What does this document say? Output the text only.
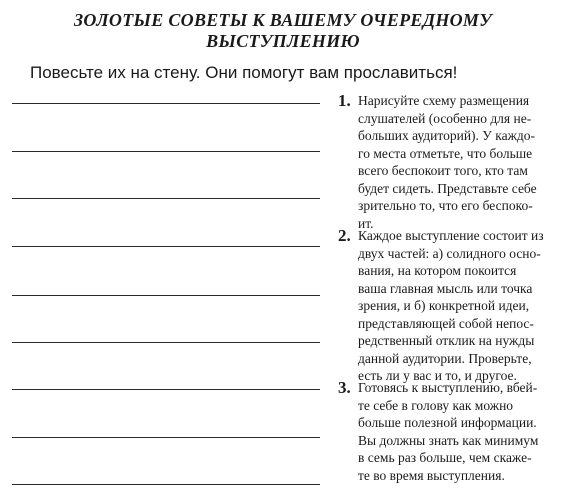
ЗОЛОТЫЕ СОВЕТЫ К ВАШЕМУ ОЧЕРЕДНОМУ
ВЫСТУПЛЕНИЮ
Повесьте их на стену. Они помогут вам прославиться!
1. Нарисуйте схему размещения
слушателей (особенно для не-
больших аудиторий). У каждо-
го места отметьте, что больше
всего беспокоит того, кто там
будет сидеть. Представьте себе
зрительно то, что его беспоко-
ит.
2. Каждое выступление состоит из
двух частей: а) солидного осно-
вания, на котором покоится
ваша главная мысль или точка
зрения, и б) конкретной идеи,
представляющей собой непос-
редственный отклик на нужды
данной аудитории. Проверьте,
есть ли у вас и то, и другое.
3. Готовясь к выступлению, вбей-
те себе в голову как можно
больше полезной информации.
Вы должны знать как минимум
в семь раз больше, чем скаже-
те во время выступления.
